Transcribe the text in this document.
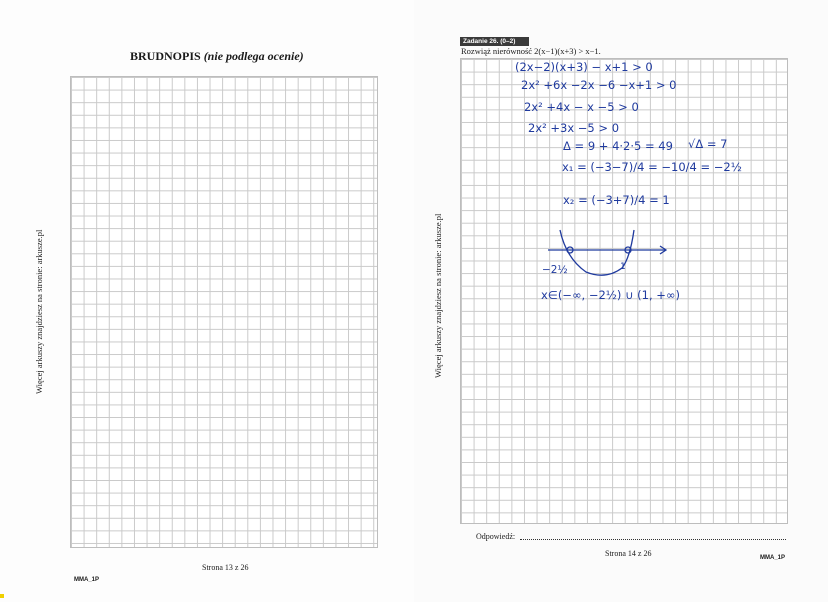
BRUDNOPIS (nie podlega ocenie)
Więcej arkuszy znajdziesz na stronie: arkusze.pl
Strona 13 z 26
MMA_1P
Zadanie 26. (0–2)
Rozwiąż nierówność 2(x−1)(x+3) > x−1.
Więcej arkuszy znajdziesz na stronie: arkusze.pl
Odpowiedź:
Strona 14 z 26	MMA_1P
(2x−2)(x+3) − x+1 > 0
2x² +6x −2x −6 −x+1 > 0
2x² +4x − x −5 > 0
2x² +3x −5 > 0
Δ = 9 + 4·2·5 = 49 √Δ = 7
x₁ = (−3−7)/4 = −10/4 = −2½
x₂ = (−3+7)/4 = 1
−2½	1
x∈(−∞, −2½) ∪ (1, +∞)
